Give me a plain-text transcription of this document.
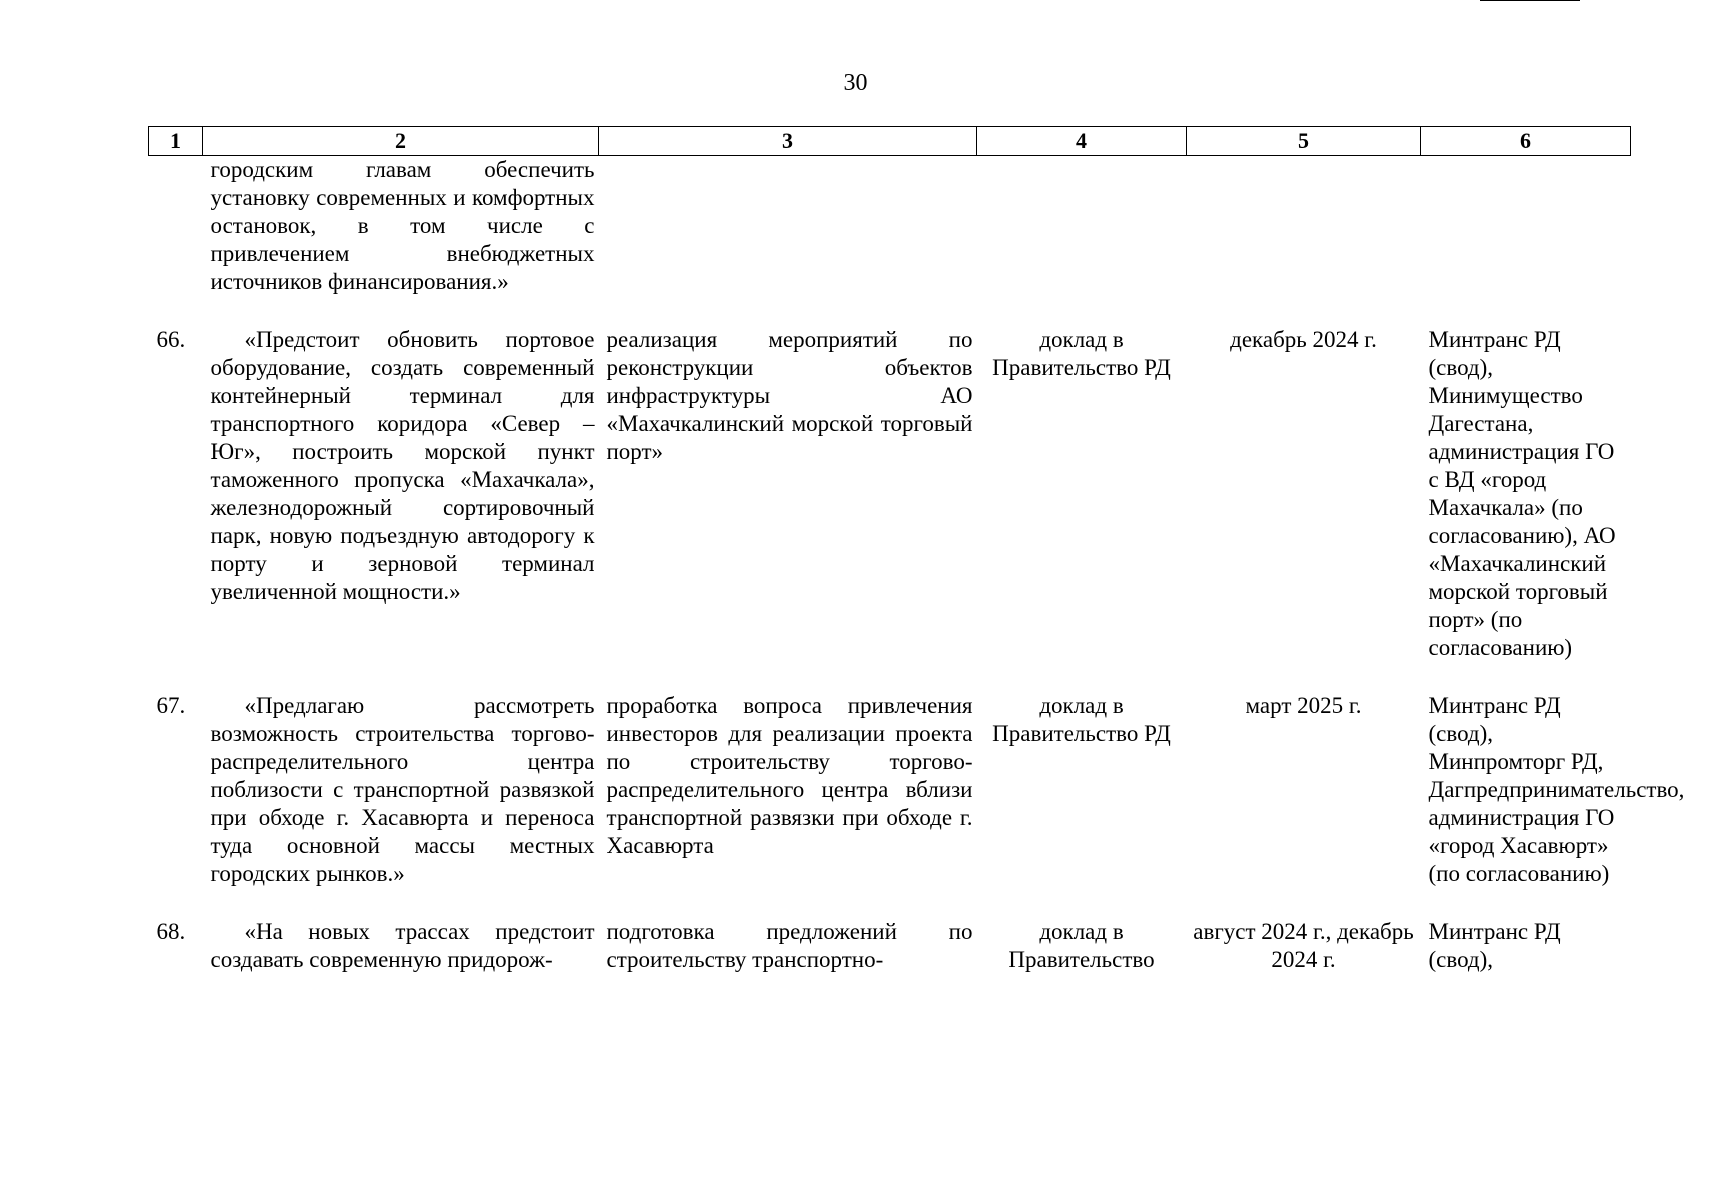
30
1	2	3	4	5	6
	городским главам обеспечить установку современных и комфортных остановок, в том числе с привлечением внебюджетных источников финансирования.»				
66.	«Предстоит обновить портовое оборудование, создать современный контейнерный терминал для транспортного коридора «Север – Юг», построить морской пункт таможенного пропуска «Махачкала», железнодорожный сортировочный парк, новую подъездную автодорогу к порту и зерновой терминал увеличенной мощности.»	реализация мероприятий по реконструкции объектов инфраструктуры АО «Махачкалинский морской торговый порт»	доклад в Правительство РД	декабрь 2024 г.	Минтранс РД (свод), Минимущество Дагестана, администрация ГО с ВД «город Махачкала» (по согласованию), АО «Махачкалинский морской торговый порт» (по согласованию)
67.	«Предлагаю рассмотреть возможность строительства торгово-распределительного центра поблизости с транспортной развязкой при обходе г. Хасавюрта и переноса туда основной массы местных городских рынков.»	проработка вопроса привлечения инвесторов для реализации проекта по строительству торгово-распределительного центра вблизи транспортной развязки при обходе г. Хасавюрта	доклад в Правительство РД	март 2025 г.	Минтранс РД (свод), Минпромторг РД, Дагпредпринимательство, администрация ГО «город Хасавюрт» (по согласованию)
68.	«На новых трассах предстоит создавать современную придорож-	подготовка предложений по строительству транспортно-	доклад в Правительство	август 2024 г., декабрь 2024 г.	Минтранс РД (свод),
